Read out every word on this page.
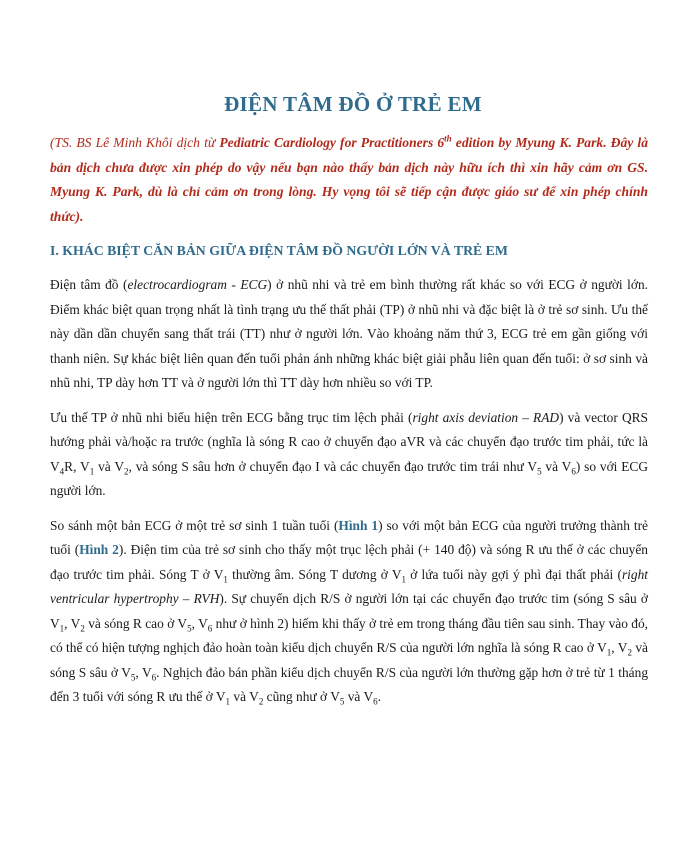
ĐIỆN TÂM ĐỒ Ở TRẺ EM

(TS. BS Lê Minh Khôi dịch từ Pediatric Cardiology for Practitioners 6th edition by Myung K. Park. Đây là bản dịch chưa được xin phép do vậy nếu bạn nào thấy bản dịch này hữu ích thì xin hãy cảm ơn GS. Myung K. Park, dù là chỉ cảm ơn trong lòng. Hy vọng tôi sẽ tiếp cận được giáo sư để xin phép chính thức).

I. KHÁC BIỆT CĂN BẢN GIỮA ĐIỆN TÂM ĐỒ NGƯỜI LỚN VÀ TRẺ EM

Điện tâm đồ (electrocardiogram - ECG) ở nhũ nhi và trẻ em bình thường rất khác so với ECG ở người lớn. Điểm khác biệt quan trọng nhất là tình trạng ưu thế thất phải (TP) ở nhũ nhi và đặc biệt là ở trẻ sơ sinh. Ưu thế này dần dần chuyển sang thất trái (TT) như ở người lớn. Vào khoảng năm thứ 3, ECG trẻ em gần giống với thanh niên. Sự khác biệt liên quan đến tuổi phản ánh những khác biệt giải phẫu liên quan đến tuổi: ở sơ sinh và nhũ nhi, TP dày hơn TT và ở người lớn thì TT dày hơn nhiều so với TP.

Ưu thế TP ở nhũ nhi biểu hiện trên ECG bằng trục tim lệch phải (right axis deviation – RAD) và vector QRS hướng phải và/hoặc ra trước (nghĩa là sóng R cao ở chuyển đạo aVR và các chuyển đạo trước tim phải, tức là $V_4R$, $V_1$ và $V_2$, và sóng S sâu hơn ở chuyển đạo I và các chuyển đạo trước tim trái như $V_5$ và $V_6$) so với ECG người lớn.

So sánh một bản ECG ở một trẻ sơ sinh 1 tuần tuổi (Hình 1) so với một bản ECG của người trưởng thành trẻ tuổi (Hình 2). Điện tim của trẻ sơ sinh cho thấy một trục lệch phải (+ 140 độ) và sóng R ưu thế ở các chuyển đạo trước tim phải. Sóng T ở $V_1$ thường âm. Sóng T dương ở $V_1$ ở lứa tuổi này gợi ý phì đại thất phải (right ventricular hypertrophy – RVH). Sự chuyển dịch R/S ở người lớn tại các chuyển đạo trước tim (sóng S sâu ở $V_1$, $V_2$ và sóng R cao ở $V_5$, $V_6$ như ở hình 2) hiếm khi thấy ở trẻ em trong tháng đầu tiên sau sinh. Thay vào đó, có thể có hiện tượng nghịch đảo hoàn toàn kiểu dịch chuyển R/S của người lớn nghĩa là sóng R cao ở $V_1$, $V_2$ và sóng S sâu ở $V_5$, $V_6$. Nghịch đảo bán phần kiểu dịch chuyển R/S của người lớn thường gặp hơn ở trẻ từ 1 tháng đến 3 tuổi với sóng R ưu thế ở $V_1$ và $V_2$ cũng như ở $V_5$ và $V_6$.
